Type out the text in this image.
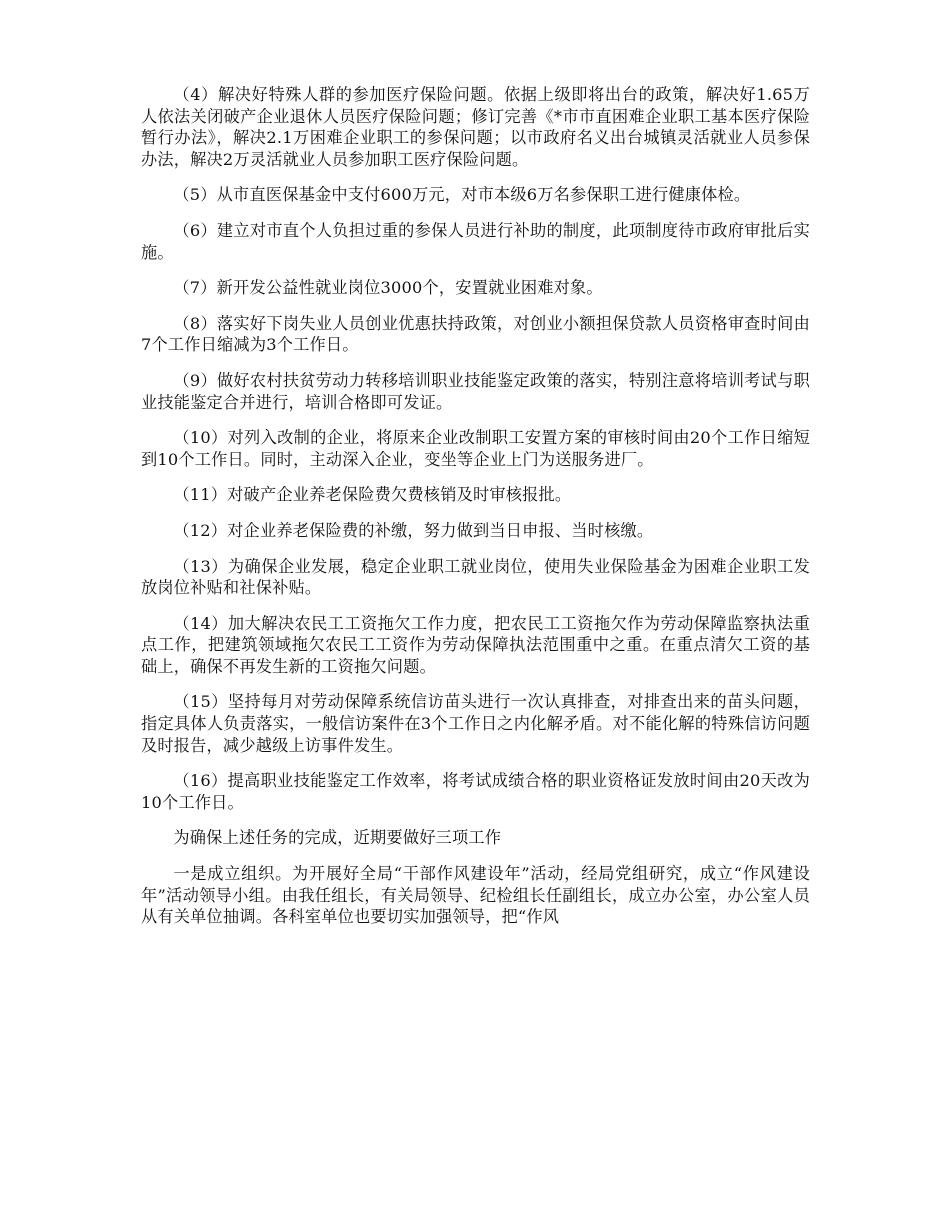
（4）解决好特殊人群的参加医疗保险问题。依据上级即将出台的政策，解决好1.65万人依法关闭破产企业退休人员医疗保险问题；修订完善《*市市直困难企业职工基本医疗保险暂行办法》，解决2.1万困难企业职工的参保问题；以市政府名义出台城镇灵活就业人员参保办法，解决2万灵活就业人员参加职工医疗保险问题。

（5）从市直医保基金中支付600万元，对市本级6万名参保职工进行健康体检。

（6）建立对市直个人负担过重的参保人员进行补助的制度，此项制度待市政府审批后实施。

（7）新开发公益性就业岗位3000个，安置就业困难对象。

（8）落实好下岗失业人员创业优惠扶持政策，对创业小额担保贷款人员资格审查时间由7个工作日缩减为3个工作日。

（9）做好农村扶贫劳动力转移培训职业技能鉴定政策的落实，特别注意将培训考试与职业技能鉴定合并进行，培训合格即可发证。

（10）对列入改制的企业，将原来企业改制职工安置方案的审核时间由20个工作日缩短到10个工作日。同时，主动深入企业，变坐等企业上门为送服务进厂。

（11）对破产企业养老保险费欠费核销及时审核报批。

（12）对企业养老保险费的补缴，努力做到当日申报、当时核缴。

（13）为确保企业发展，稳定企业职工就业岗位，使用失业保险基金为困难企业职工发放岗位补贴和社保补贴。

（14）加大解决农民工工资拖欠工作力度，把农民工工资拖欠作为劳动保障监察执法重点工作，把建筑领域拖欠农民工工资作为劳动保障执法范围重中之重。在重点清欠工资的基础上，确保不再发生新的工资拖欠问题。

（15）坚持每月对劳动保障系统信访苗头进行一次认真排查，对排查出来的苗头问题，指定具体人负责落实，一般信访案件在3个工作日之内化解矛盾。对不能化解的特殊信访问题及时报告，减少越级上访事件发生。

（16）提高职业技能鉴定工作效率，将考试成绩合格的职业资格证发放时间由20天改为10个工作日。

为确保上述任务的完成，近期要做好三项工作

一是成立组织。为开展好全局“干部作风建设年”活动，经局党组研究，成立“作风建设年”活动领导小组。由我任组长，有关局领导、纪检组长任副组长，成立办公室，办公室人员从有关单位抽调。各科室单位也要切实加强领导，把“作风
